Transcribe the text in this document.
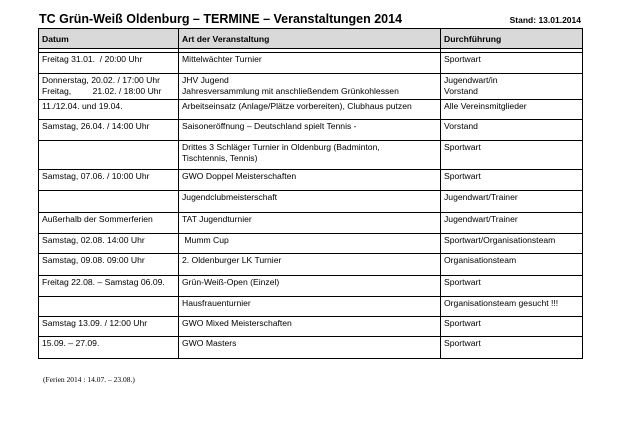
TC Grün-Weiß Oldenburg – TERMINE – Veranstaltungen 2014	Stand: 13.01.2014
Datum	Art der Veranstaltung	Durchführung

Freitag 31.01.  / 20:00 Uhr	Mittelwächter Turnier	Sportwart

Donnerstag, 20.02. / 17:00 Uhr
Freitag,         21.02. / 18:00 Uhr	JHV Jugend
Jahresversammlung mit anschließendem Grünkohlessen	Jugendwart/in
Vorstand

11./12.04. und 19.04.	Arbeitseinsatz (Anlage/Plätze vorbereiten), Clubhaus putzen	Alle Vereinsmitglieder

Samstag, 26.04. / 14:00 Uhr	Saisoneröffnung – Deutschland spielt Tennis -	Vorstand

	Drittes 3 Schläger Turnier in Oldenburg (Badminton,
Tischtennis, Tennis)	Sportwart

Samstag, 07.06. / 10:00 Uhr	GWO Doppel Meisterschaften	Sportwart

	Jugendclubmeisterschaft	Jugendwart/Trainer

Außerhalb der Sommerferien	TAT Jugendturnier	Jugendwart/Trainer

Samstag, 02.08. 14:00 Uhr	Mumm Cup	Sportwart/Organisationsteam

Samstag, 09.08. 09:00 Uhr	2. Oldenburger LK Turnier	Organisationsteam

Freitag 22.08. – Samstag 06.09.	Grün-Weiß-Open (Einzel)	Sportwart

	Hausfrauenturnier	Organisationsteam gesucht !!!

Samstag 13.09. / 12:00 Uhr	GWO Mixed Meisterschaften	Sportwart

15.09. – 27.09.	GWO Masters	Sportwart
(Ferien 2014 : 14.07. – 23.08.)
